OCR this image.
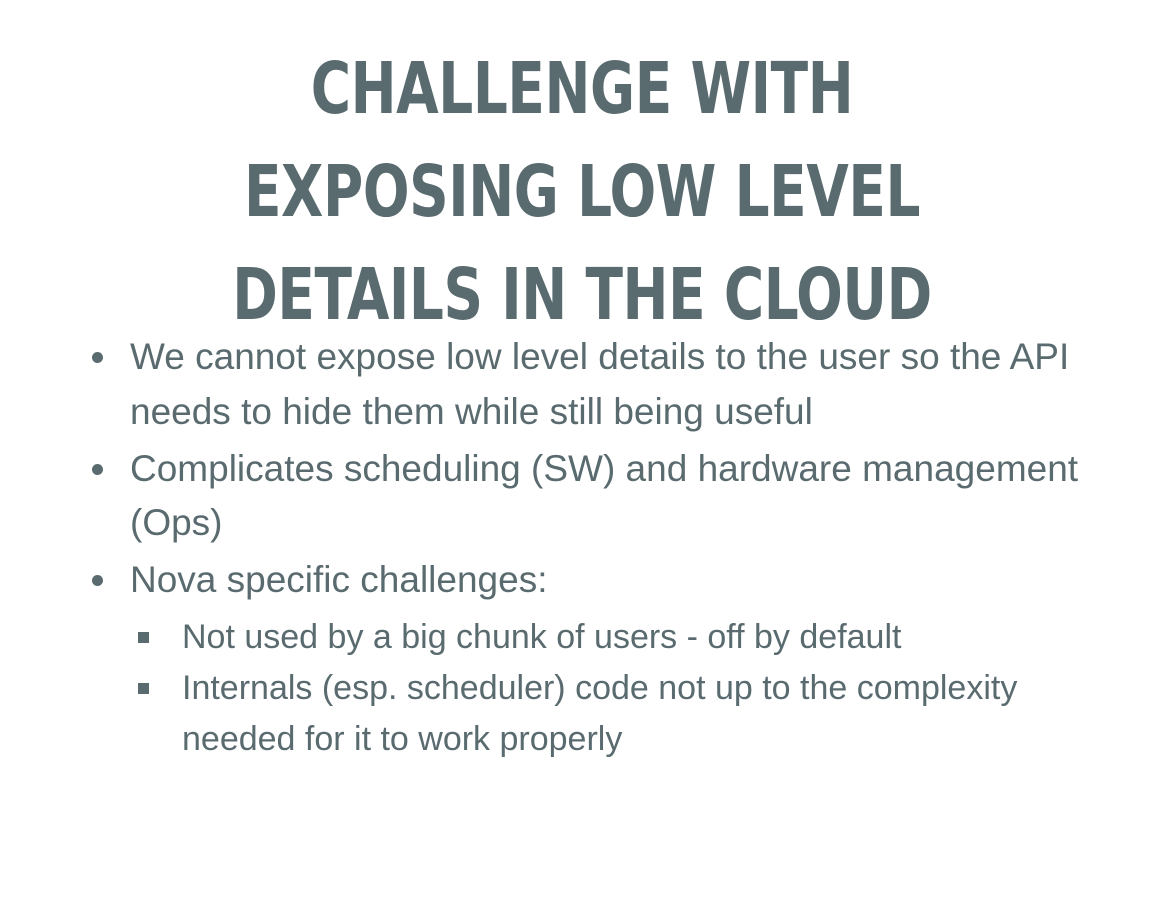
CHALLENGE WITH EXPOSING LOW LEVEL DETAILS IN THE CLOUD
We cannot expose low level details to the user so the API needs to hide them while still being useful
Complicates scheduling (SW) and hardware management (Ops)
Nova specific challenges:
Not used by a big chunk of users - off by default
Internals (esp. scheduler) code not up to the complexity needed for it to work properly
